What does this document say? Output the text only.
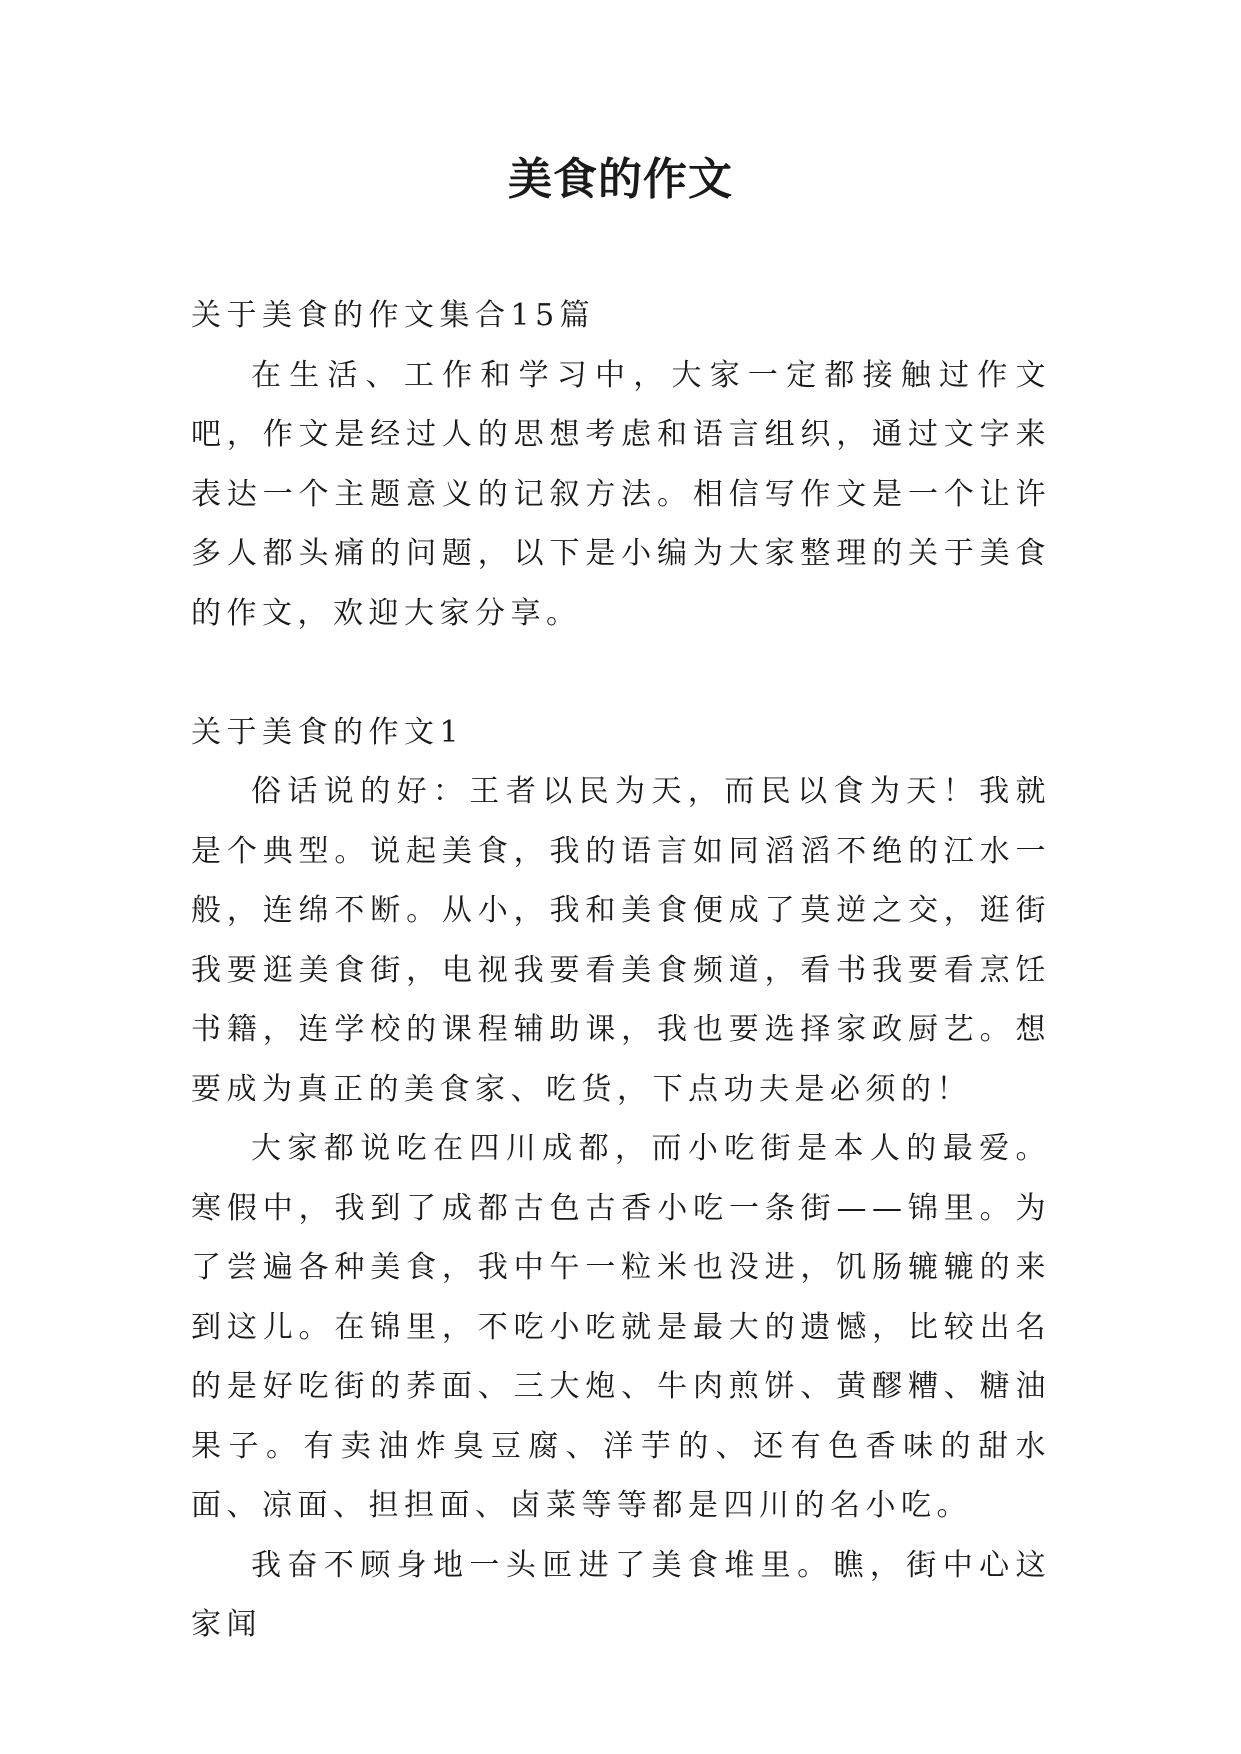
美食的作文

关于美食的作文集合15篇

在生活、工作和学习中，大家一定都接触过作文吧，作文是经过人的思想考虑和语言组织，通过文字来表达一个主题意义的记叙方法。相信写作文是一个让许多人都头痛的问题，以下是小编为大家整理的关于美食的作文，欢迎大家分享。

关于美食的作文1

俗话说的好：王者以民为天，而民以食为天！我就是个典型。说起美食，我的语言如同滔滔不绝的江水一般，连绵不断。从小，我和美食便成了莫逆之交，逛街我要逛美食街，电视我要看美食频道，看书我要看烹饪书籍，连学校的课程辅助课，我也要选择家政厨艺。想要成为真正的美食家、吃货，下点功夫是必须的！

大家都说吃在四川成都，而小吃街是本人的最爱。寒假中，我到了成都古色古香小吃一条街——锦里。为了尝遍各种美食，我中午一粒米也没进，饥肠辘辘的来到这儿。在锦里，不吃小吃就是最大的遗憾，比较出名的是好吃街的荞面、三大炮、牛肉煎饼、黄醪糟、糖油果子。有卖油炸臭豆腐、洋芋的、还有色香味的甜水面、凉面、担担面、卤菜等等都是四川的名小吃。

我奋不顾身地一头匝进了美食堆里。瞧，街中心这家闻
